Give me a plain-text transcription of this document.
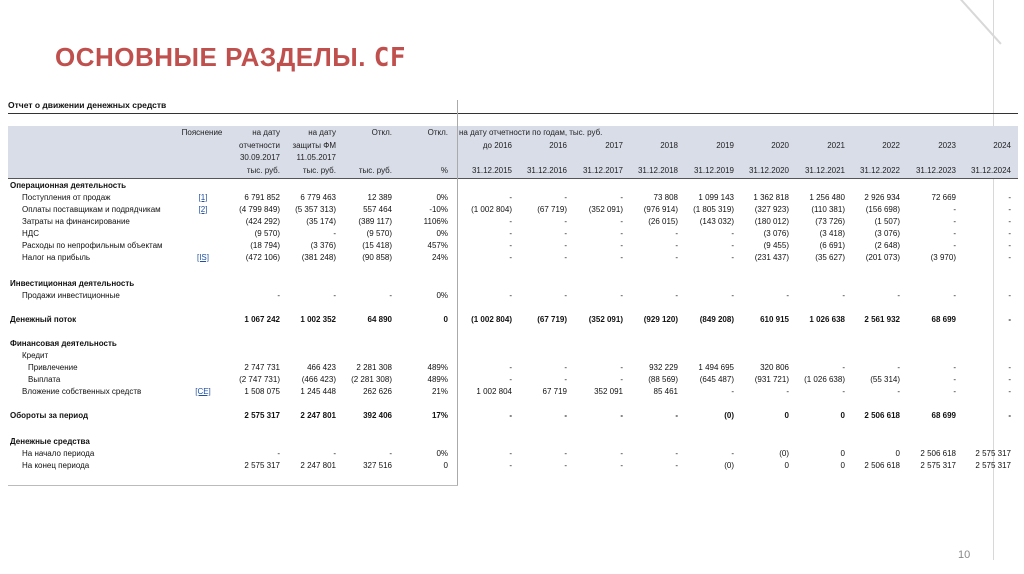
ОСНОВНЫЕ РАЗДЕЛЫ. CF
Отчет о движении денежных средств
Пояснение	на дату	на дату	Откл.	Откл. на дату отчетности по годам, тыс. руб.
отчетности	защиты ФМ	до 2016	2016	2017	2018	2019	2020	2021	2022	2023	2024
30.09.2017	11.05.2017
тыс. руб.	тыс. руб.	тыс. руб.	%	31.12.2015	31.12.2016	31.12.2017	31.12.2018	31.12.2019	31.12.2020	31.12.2021	31.12.2022	31.12.2023	31.12.2024
Операционная деятельность
Поступления от продаж	[1]	6 791 852	6 779 463	12 389	0%	-	-	-	73 808	1 099 143	1 362 818	1 256 480	2 926 934	72 669	-
Оплаты поставщикам и подрядчикам	[2]	(4 799 849)	(5 357 313)	557 464	-10%	(1 002 804)	(67 719)	(352 091)	(976 914)	(1 805 319)	(327 923)	(110 381)	(156 698)	-	-
Затраты на финансирование	(424 292)	(35 174)	(389 117)	1106%	-	-	-	(26 015)	(143 032)	(180 012)	(73 726)	(1 507)	-	-
НДС	(9 570)	-	(9 570)	0%	-	-	-	-	-	(3 076)	(3 418)	(3 076)	-	-
Расходы по непрофильным объектам	(18 794)	(3 376)	(15 418)	457%	-	-	-	-	-	(9 455)	(6 691)	(2 648)	-	-
Налог на прибыль	[IS]	(472 106)	(381 248)	(90 858)	24%	-	-	-	-	-	(231 437)	(35 627)	(201 073)	(3 970)	-
Инвестиционная деятельность
Продажи инвестиционные	-	-	-	0%	-	-	-	-	-	-	-	-	-	-
Денежный поток	1 067 242	1 002 352	64 890	0	(1 002 804)	(67 719)	(352 091)	(929 120)	(849 208)	610 915	1 026 638	2 561 932	68 699	-
Финансовая деятельность
Кредит
Привлечение	2 747 731	466 423	2 281 308	489%	-	-	-	932 229	1 494 695	320 806	-	-	-	-
Выплата	(2 747 731)	(466 423)	(2 281 308)	489%	-	-	-	(88 569)	(645 487)	(931 721)	(1 026 638)	(55 314)	-	-
Вложение собственных средств	[CE]	1 508 075	1 245 448	262 626	21%	1 002 804	67 719	352 091	85 461	-	-	-	-	-	-
Обороты за период	2 575 317	2 247 801	392 406	17%	-	-	-	-	(0)	0	0	2 506 618	68 699	-
Денежные средства
На начало периода	-	-	-	0%	-	-	-	-	-	(0)	0	0	2 506 618	2 575 317
На конец периода	2 575 317	2 247 801	327 516	0	-	-	-	-	(0)	0	0	2 506 618	2 575 317	2 575 317
10
